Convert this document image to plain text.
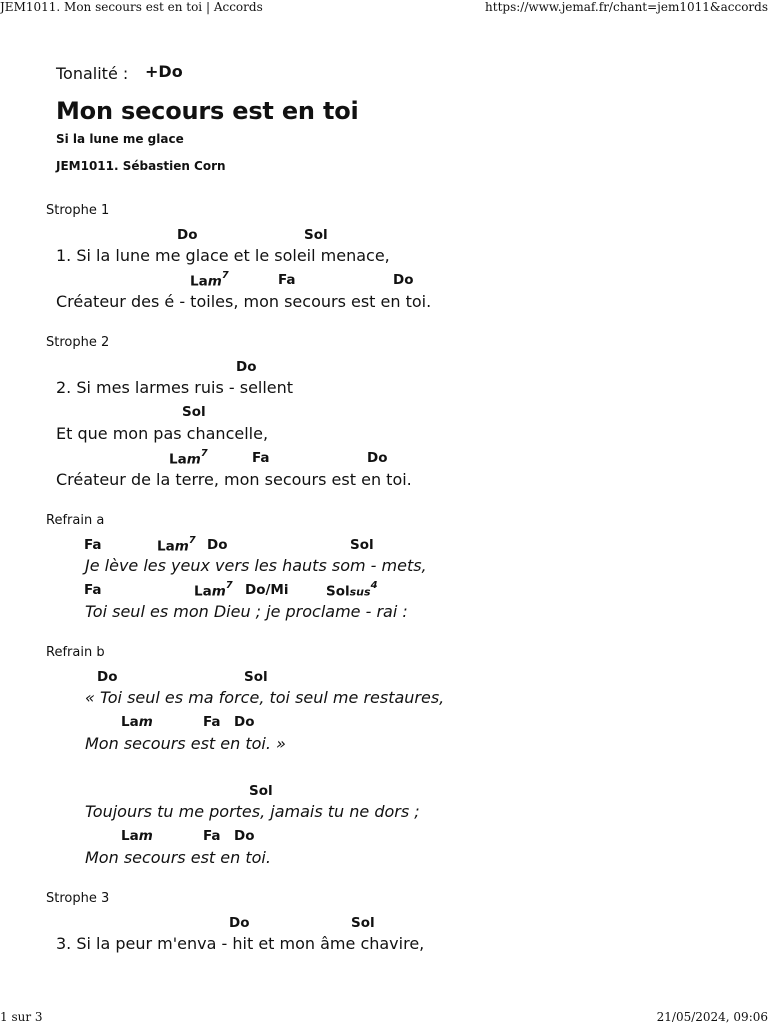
JEM1011. Mon secours est en toi | Accords	https://www.jemaf.fr/chant=jem1011&accords
1 sur 3	21/05/2024, 09:06
Tonalité : +Do
Mon secours est en toi
Si la lune me glace
JEM1011. Sébastien Corn
Strophe 1
Do	Sol
1. Si la lune me glace et le soleil menace,
Lam$^7$	Fa	Do
Créateur des é - toiles, mon secours est en toi.
Strophe 2
Do
2. Si mes larmes ruis - sellent
Sol
Et que mon pas chancelle,
Lam$^7$	Fa	Do
Créateur de la terre, mon secours est en toi.
Refrain a
Fa	Lam$^7$ Do	Sol
Je lève les yeux vers les hauts som - mets,
Fa	Lam$^7$ Do/Mi	Solsus$^4$
Toi seul es mon Dieu ; je proclame - rai :
Refrain b
Do	Sol
« Toi seul es ma force, toi seul me restaures,
Lam	Fa Do
Mon secours est en toi. »
Sol
Toujours tu me portes, jamais tu ne dors ;
Lam	Fa Do
Mon secours est en toi.
Strophe 3
Do	Sol
3. Si la peur m'enva - hit et mon âme chavire,
